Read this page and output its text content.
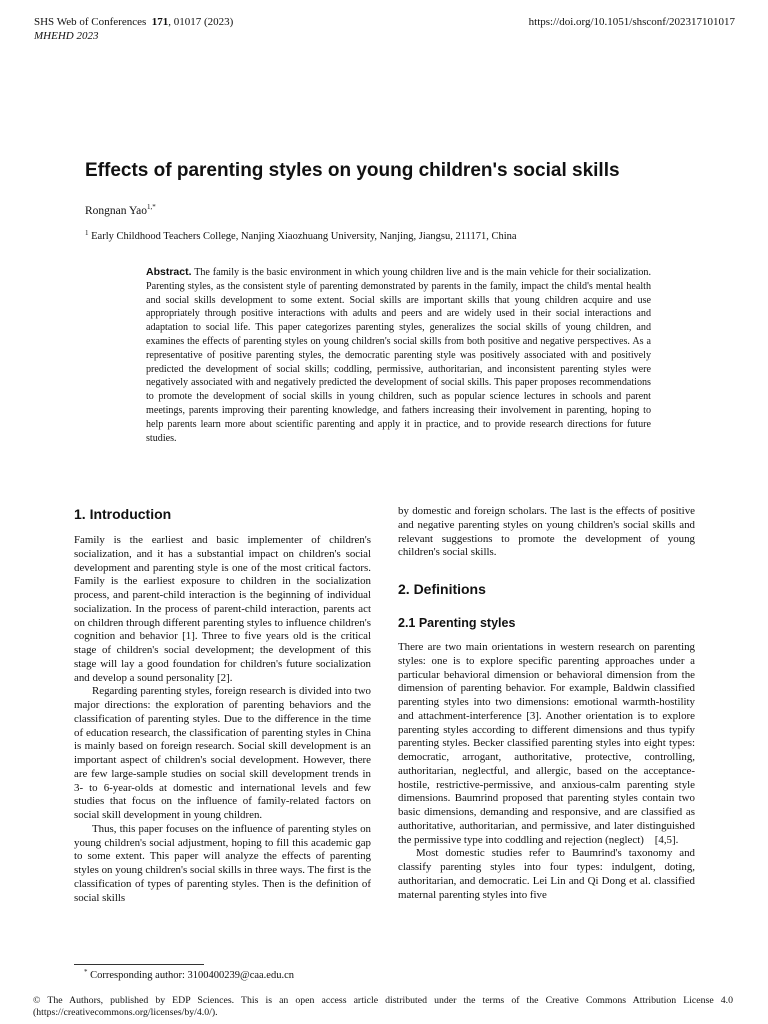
SHS Web of Conferences 171, 01017 (2023)
MHEHD 2023
https://doi.org/10.1051/shsconf/202317101017
Effects of parenting styles on young children's social skills
Rongnan Yao$^{1,*}$
$^1$ Early Childhood Teachers College, Nanjing Xiaozhuang University, Nanjing, Jiangsu, 211171, China
Abstract. The family is the basic environment in which young children live and is the main vehicle for their socialization. Parenting styles, as the consistent style of parenting demonstrated by parents in the family, impact the child's mental health and social skills development to some extent. Social skills are important skills that young children acquire and use appropriately through positive interactions with adults and peers and are widely used in their social interactions and adaptation to social life. This paper categorizes parenting styles, generalizes the social skills of young children, and examines the effects of parenting styles on young children's social skills from both positive and negative perspectives. As a representative of positive parenting styles, the democratic parenting style was positively associated with and positively predicted the development of social skills; coddling, permissive, authoritarian, and inconsistent parenting styles were negatively associated with and negatively predicted the development of social skills. This paper proposes recommendations to promote the development of social skills in young children, such as popular science lectures in schools and parent meetings, parents improving their parenting knowledge, and fathers increasing their involvement in parenting, hoping to help parents learn more about scientific parenting and apply it in practice, and to provide research directions for future studies.
1. Introduction

Family is the earliest and basic implementer of children's socialization, and it has a substantial impact on children's social development and parenting style is one of the most critical factors. Family is the earliest exposure to children in the socialization process, and parent-child interaction is the beginning of individual socialization. In the process of parent-child interaction, parents act on children through different parenting styles to influence children's cognition and behavior [1]. Three to five years old is the critical stage of children's social development; the development of this stage will lay a good foundation for children's future socialization and develop a sound personality [2].

Regarding parenting styles, foreign research is divided into two major directions: the exploration of parenting behaviors and the classification of parenting styles. Due to the difference in the time of education research, the classification of parenting styles in China is mainly based on foreign research. Social skill development is an important aspect of children's social development. However, there are few large-sample studies on social skill development trends in 3- to 6-year-olds at domestic and international levels and few studies that focus on the influence of family-related factors on social skill development in young children.

Thus, this paper focuses on the influence of parenting styles on young children's social adjustment, hoping to fill this academic gap to some extent. This paper will analyze the effects of parenting styles on young children's social skills in three ways. The first is the classification of types of parenting styles. Then is the definition of social skills

by domestic and foreign scholars. The last is the effects of positive and negative parenting styles on young children's social skills and relevant suggestions to promote the development of young children's social skills.

2. Definitions
2.1 Parenting styles

There are two main orientations in western research on parenting styles: one is to explore specific parenting approaches under a particular behavioral dimension or behavioral dimension from the dimension of parenting behavior. For example, Baldwin classified parenting styles into two dimensions: emotional warmth-hostility and attachment-interference [3]. Another orientation is to explore parenting styles according to different dimensions and thus typify parenting styles. Becker classified parenting styles into eight types: democratic, arrogant, authoritative, protective, controlling, authoritarian, neglectful, and allergic, based on the acceptance-hostile, restrictive-permissive, and anxious-calm parenting style dimensions. Baumrind proposed that parenting styles contain two basic dimensions, demanding and responsive, and are classified as authoritative, authoritarian, and permissive, and later distinguished the permissive type into coddling and rejection (neglect)    [4,5].

Most domestic studies refer to Baumrind's taxonomy and classify parenting styles into four types: indulgent, doting, authoritarian, and democratic. Lei Lin and Qi Dong et al. classified maternal parenting styles into five

* Corresponding author: 3100400239@caa.edu.cn
© The Authors, published by EDP Sciences. This is an open access article distributed under the terms of the Creative Commons Attribution License 4.0 (https://creativecommons.org/licenses/by/4.0/).
